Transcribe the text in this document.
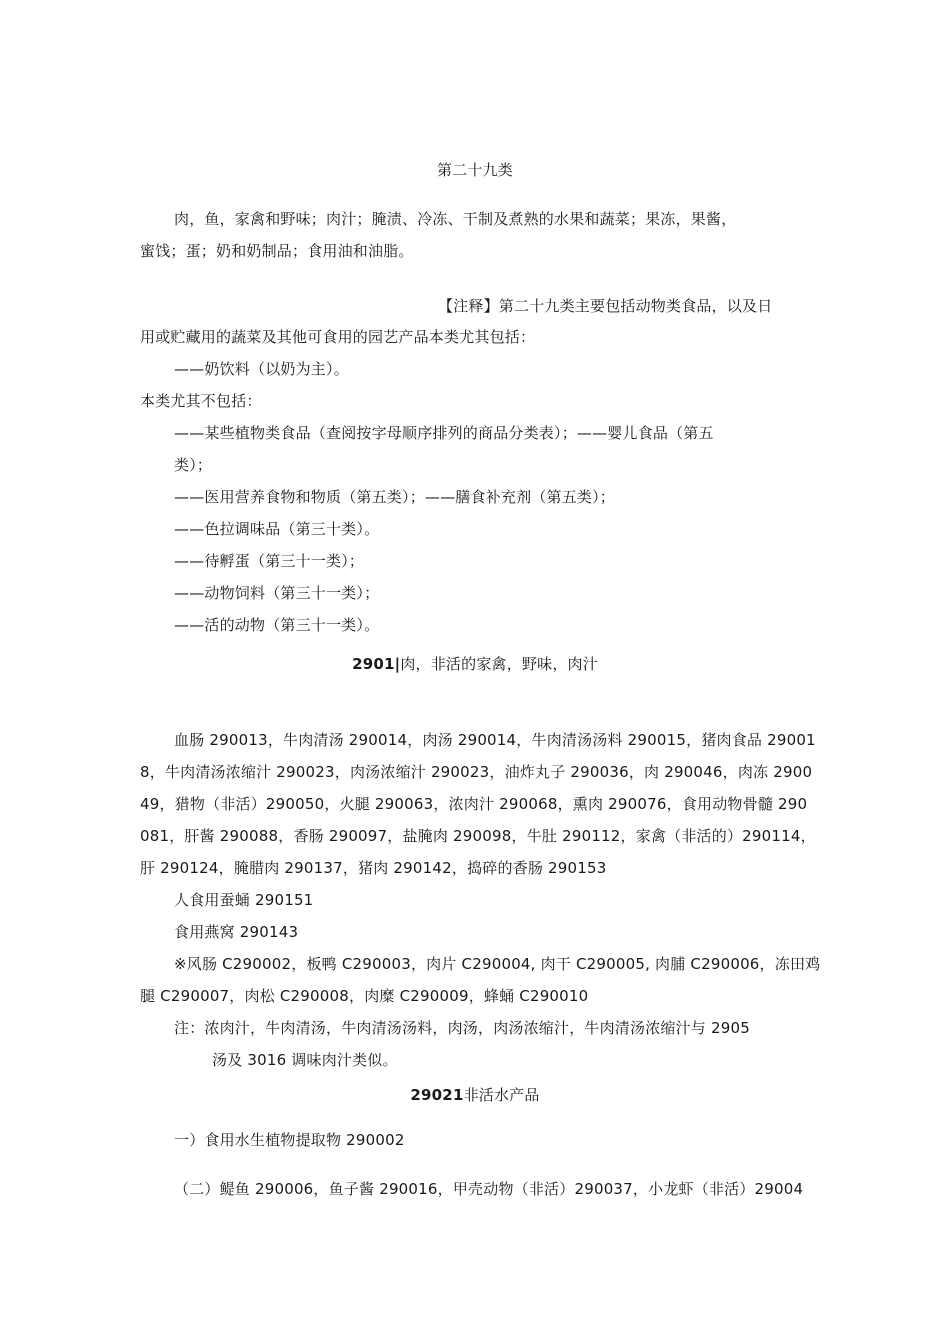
第二十九类
肉，鱼，家禽和野味；肉汁；腌渍、冷冻、干制及煮熟的水果和蔬菜；果冻，果酱，
蜜饯；蛋；奶和奶制品；食用油和油脂。
【注释】第二十九类主要包括动物类食品，以及日
用或贮藏用的蔬菜及其他可食用的园艺产品本类尤其包括：
——奶饮料（以奶为主）。
本类尤其不包括：
——某些植物类食品（查阅按字母顺序排列的商品分类表）；——婴儿食品（第五
类）；
——医用营养食物和物质（第五类）；——膳食补充剂（第五类）；
——色拉调味品（第三十类）。
——待孵蛋（第三十一类）；
——动物饲料（第三十一类）；
——活的动物（第三十一类）。
2901|肉，非活的家禽，野味，肉汁
血肠 290013，牛肉清汤 290014，肉汤 290014，牛肉清汤汤料 290015，猪肉食品 29001
8，牛肉清汤浓缩汁 290023，肉汤浓缩汁 290023，油炸丸子 290036，肉 290046，肉冻 2900
49，猎物（非活）290050，火腿 290063，浓肉汁 290068，熏肉 290076，食用动物骨髓 290
081，肝酱 290088，香肠 290097，盐腌肉 290098，牛肚 290112，家禽（非活的）290114，
肝 290124，腌腊肉 290137，猪肉 290142，捣碎的香肠 290153
人食用蚕蛹 290151
食用燕窝 290143
※风肠 C290002，板鸭 C290003，肉片 C290004, 肉干 C290005, 肉脯 C290006，冻田鸡
腿 C290007，肉松 C290008，肉糜 C290009，蜂蛹 C290010
注：浓肉汁，牛肉清汤，牛肉清汤汤料，肉汤，肉汤浓缩汁，牛肉清汤浓缩汁与 2905
汤及 3016 调味肉汁类似。
29021非活水产品
一）食用水生植物提取物 290002
（二）鳀鱼 290006，鱼子酱 290016，甲壳动物（非活）290037，小龙虾（非活）29004
